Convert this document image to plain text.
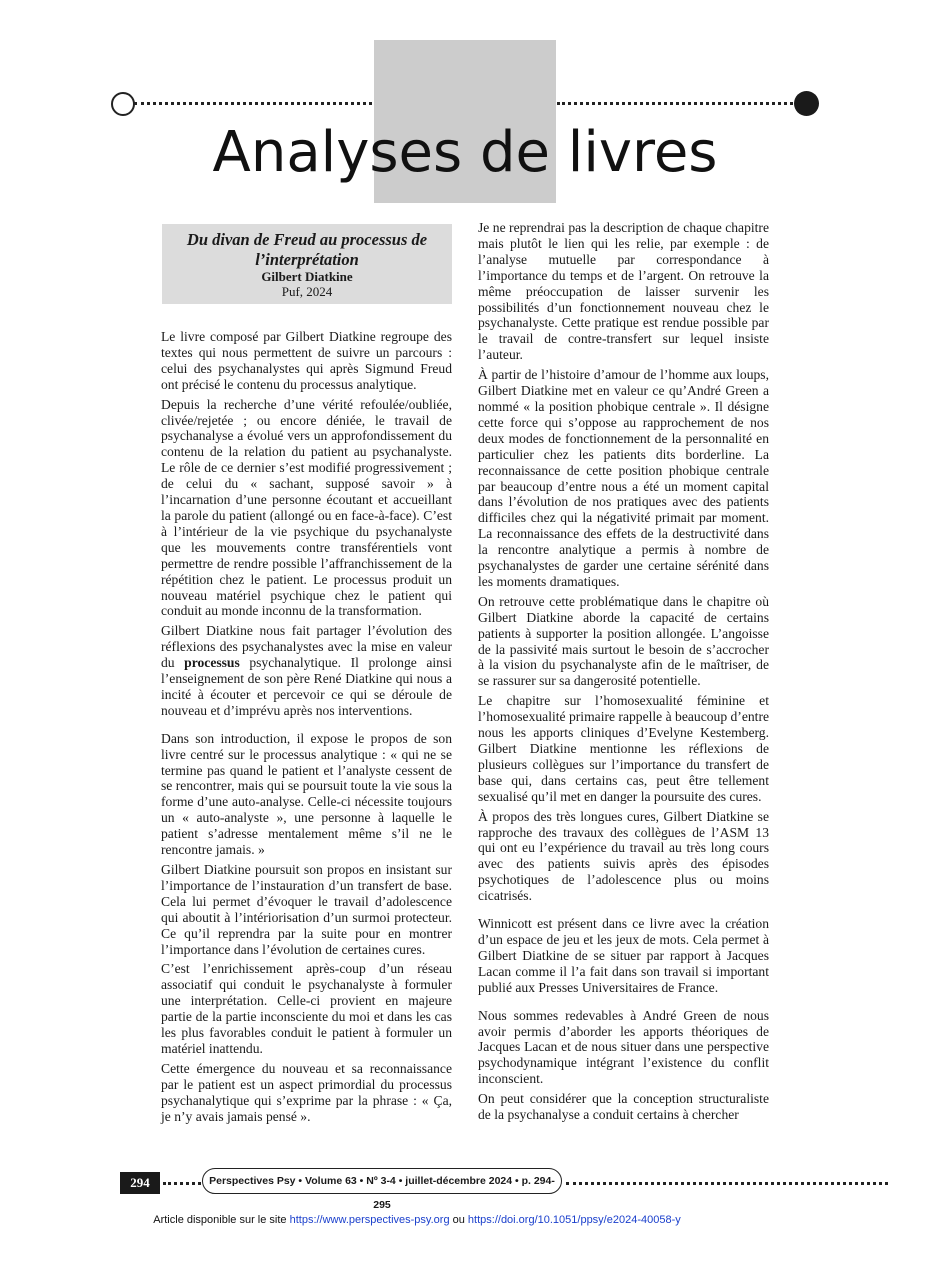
Analyses de livres
Du divan de Freud au processus de l’interprétation
Gilbert Diatkine
Puf, 2024

Le livre composé par Gilbert Diatkine regroupe des textes qui nous permettent de suivre un parcours : celui des psychanalystes qui après Sigmund Freud ont précisé le contenu du processus analytique.

Depuis la recherche d’une vérité refoulée/oubliée, clivée/rejetée ; ou encore déniée, le travail de psychanalyse a évolué vers un approfondissement du contenu de la relation du patient au psychanalyste. Le rôle de ce dernier s’est modifié progressivement ; de celui du « sachant, supposé savoir » à l’incarnation d’une personne écoutant et accueillant la parole du patient (allongé ou en face-à-face). C’est à l’intérieur de la vie psychique du psychanalyste que les mouvements contre transférentiels vont permettre de rendre possible l’affranchissement de la répétition chez le patient. Le processus produit un nouveau matériel psychique chez le patient qui conduit au monde inconnu de la transformation.

Gilbert Diatkine nous fait partager l’évolution des réflexions des psychanalystes avec la mise en valeur du processus psychanalytique. Il prolonge ainsi l’enseignement de son père René Diatkine qui nous a incité à écouter et percevoir ce qui se déroule de nouveau et d’imprévu après nos interventions.

Dans son introduction, il expose le propos de son livre centré sur le processus analytique : « qui ne se termine pas quand le patient et l’analyste cessent de se rencontrer, mais qui se poursuit toute la vie sous la forme d’une auto-analyse. Celle-ci nécessite toujours un « auto-analyste », une personne à laquelle le patient s’adresse mentalement même s’il ne le rencontre jamais. »

Gilbert Diatkine poursuit son propos en insistant sur l’importance de l’instauration d’un transfert de base. Cela lui permet d’évoquer le travail d’adolescence qui aboutit à l’intériorisation d’un surmoi protecteur. Ce qu’il reprendra par la suite pour en montrer l’importance dans l’évolution de certaines cures.

C’est l’enrichissement après-coup d’un réseau associatif qui conduit le psychanalyste à formuler une interprétation. Celle-ci provient en majeure partie de la partie inconsciente du moi et dans les cas les plus favorables conduit le patient à formuler un matériel inattendu.

Cette émergence du nouveau et sa reconnaissance par le patient est un aspect primordial du processus psychanalytique qui s’exprime par la phrase : « Ça, je n’y avais jamais pensé ».

Je ne reprendrai pas la description de chaque chapitre mais plutôt le lien qui les relie, par exemple : de l’analyse mutuelle par correspondance à l’importance du temps et de l’argent. On retrouve la même préoccupation de laisser survenir les possibilités d’un fonctionnement nouveau chez le psychanalyste. Cette pratique est rendue possible par le travail de contre-transfert sur lequel insiste l’auteur.

À partir de l’histoire d’amour de l’homme aux loups, Gilbert Diatkine met en valeur ce qu’André Green a nommé « la position phobique centrale ». Il désigne cette force qui s’oppose au rapprochement de nos deux modes de fonctionnement de la personnalité en particulier chez les patients dits borderline. La reconnaissance de cette position phobique centrale par beaucoup d’entre nous a été un moment capital dans l’évolution de nos pratiques avec des patients difficiles chez qui la négativité primait par moment. La reconnaissance des effets de la destructivité dans la rencontre analytique a permis à nombre de psychanalystes de garder une certaine sérénité dans les moments dramatiques.

On retrouve cette problématique dans le chapitre où Gilbert Diatkine aborde la capacité de certains patients à supporter la position allongée. L’angoisse de la passivité mais surtout le besoin de s’accrocher à la vision du psychanalyste afin de le maîtriser, de se rassurer sur sa dangerosité potentielle.

Le chapitre sur l’homosexualité féminine et l’homosexualité primaire rappelle à beaucoup d’entre nous les apports cliniques d’Evelyne Kestemberg. Gilbert Diatkine mentionne les réflexions de plusieurs collègues sur l’importance du transfert de base qui, dans certains cas, peut être tellement sexualisé qu’il met en danger la poursuite des cures.

À propos des très longues cures, Gilbert Diatkine se rapproche des travaux des collègues de l’ASM 13 qui ont eu l’expérience du travail au très long cours avec des patients suivis après des épisodes psychotiques de l’adolescence plus ou moins cicatrisés.

Winnicott est présent dans ce livre avec la création d’un espace de jeu et les jeux de mots. Cela permet à Gilbert Diatkine de se situer par rapport à Jacques Lacan comme il l’a fait dans son travail si important publié aux Presses Universitaires de France.

Nous sommes redevables à André Green de nous avoir permis d’aborder les apports théoriques de Jacques Lacan et de nous situer dans une perspective psychodynamique intégrant l’existence du conflit inconscient.

On peut considérer que la conception structuraliste de la psychanalyse a conduit certains à chercher

294	Perspectives Psy • Volume 63 • Nº 3-4 • juillet-décembre 2024 • p. 294-295
Article disponible sur le site https://www.perspectives-psy.org ou https://doi.org/10.1051/ppsy/e2024-40058-y
